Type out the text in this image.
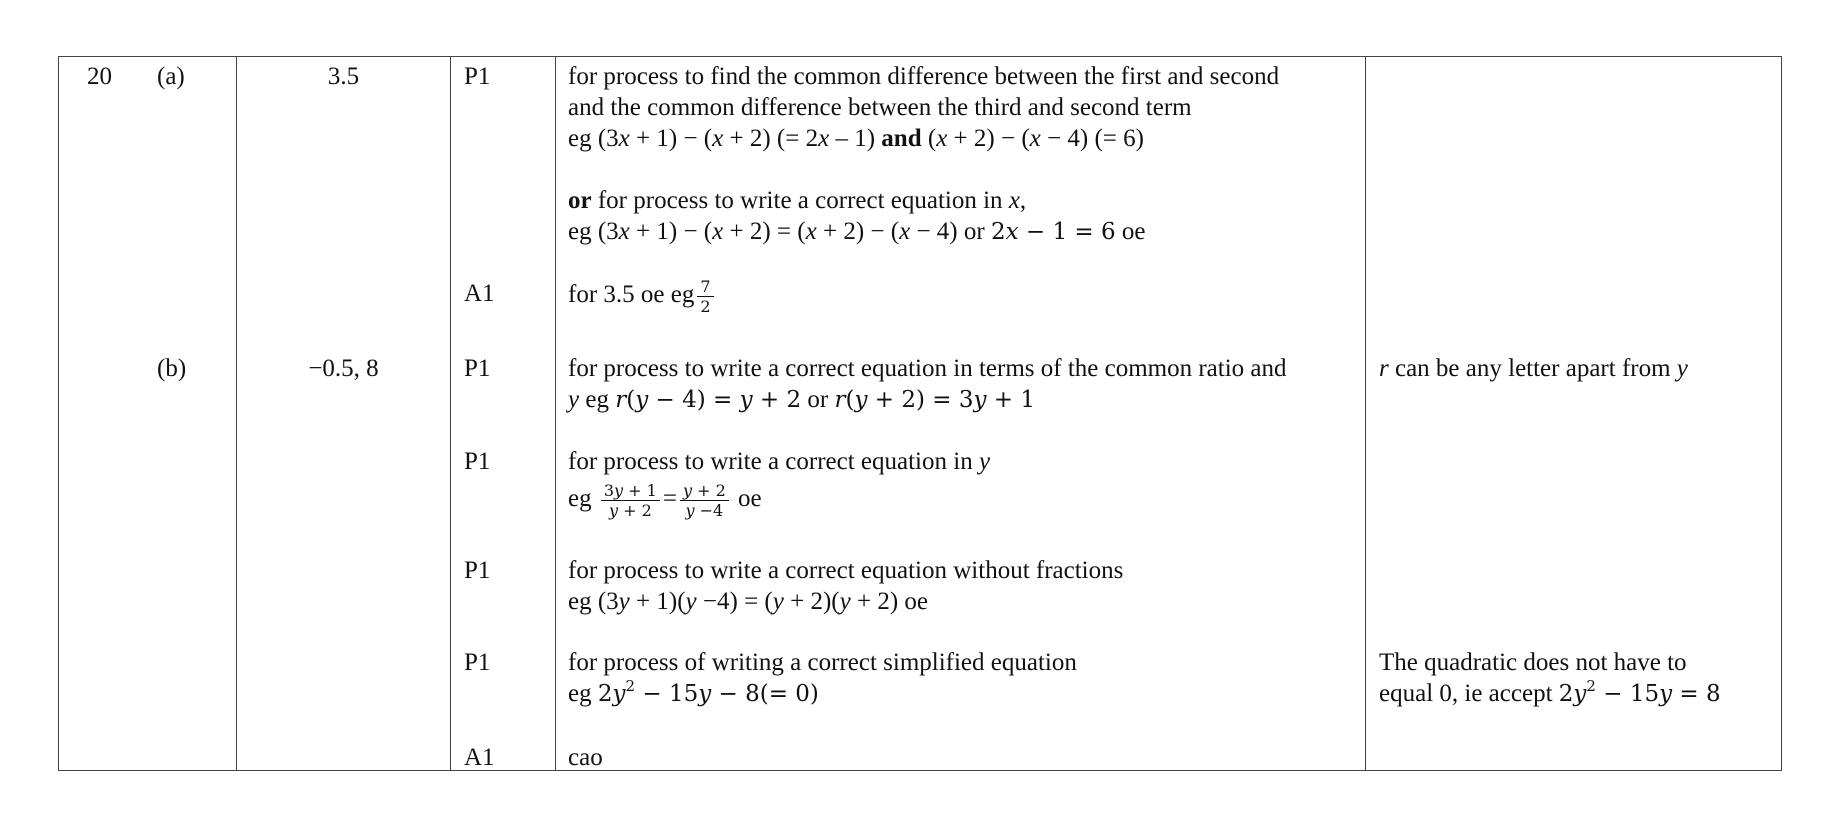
20 (a)
(b)
3.5
−0.5, 8
P1
A1
P1
P1
P1
P1
A1
for process to find the common difference between the first and second
and the common difference between the third and second term
eg (3x + 1) − (x + 2) (= 2x – 1) and (x + 2) − (x − 4) (= 6)
or for process to write a correct equation in x,
eg (3x + 1) − (x + 2) = (x + 2) − (x − 4) or 2x − 1 = 6 oe
for 3.5 oe eg $\frac{7}{2}$
for process to write a correct equation in terms of the common ratio and
y eg r(y − 4) = y + 2 or r(y + 2) = 3y + 1
r can be any letter apart from y
for process to write a correct equation in y
eg $\frac{3y + 1}{y + 2} = \frac{y + 2}{y -4}$ oe
for process to write a correct equation without fractions
eg (3y + 1)(y −4) = (y + 2)(y + 2) oe
for process of writing a correct simplified equation
eg $2y^2 - 15y - 8(= 0)$
The quadratic does not have to
equal 0, ie accept $2y^2 - 15y = 8$
cao
